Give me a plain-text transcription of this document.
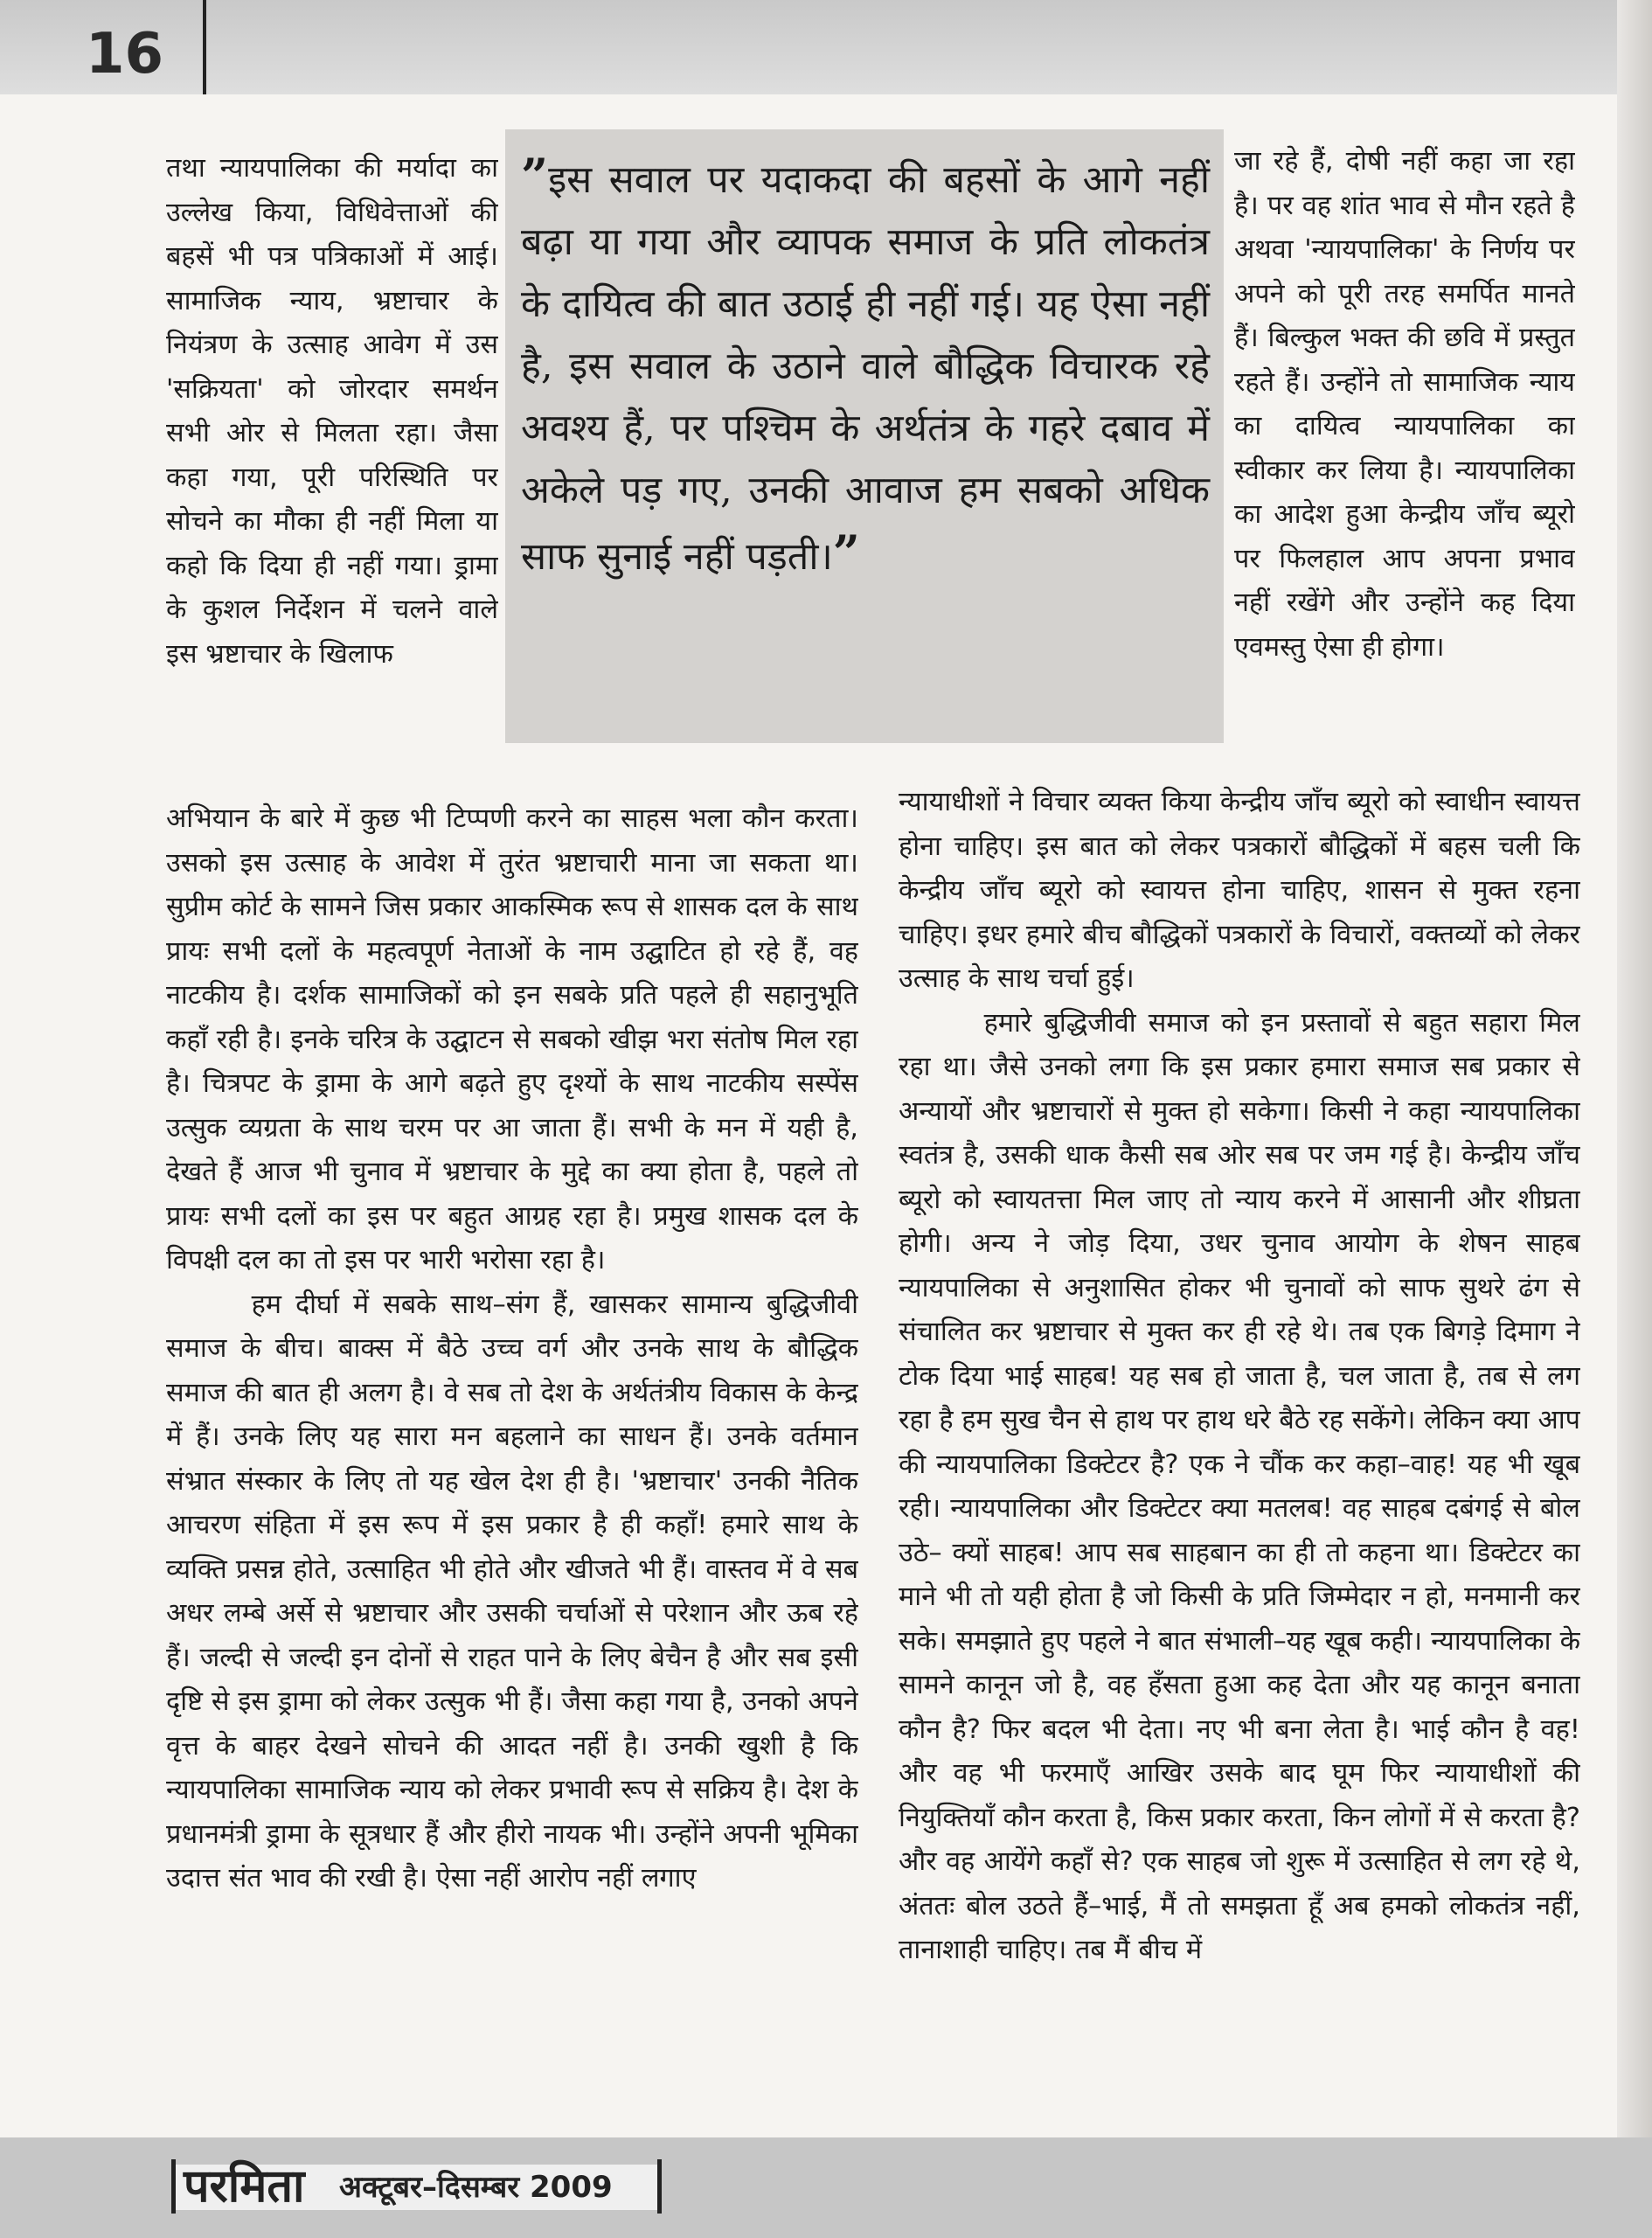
16

तथा न्यायपालिका की मर्यादा का उल्लेख किया, विधिवेत्ताओं की बहसें भी पत्र पत्रिकाओं में आई। सामाजिक न्याय, भ्रष्टाचार के नियंत्रण के उत्साह आवेग में उस 'सक्रियता' को जोरदार समर्थन सभी ओर से मिलता रहा। जैसा कहा गया, पूरी परिस्थिति पर सोचने का मौका ही नहीं मिला या कहो कि दिया ही नहीं गया। ड्रामा के कुशल निर्देशन में चलने वाले इस भ्रष्टाचार के खिलाफ

”इस सवाल पर यदाकदा की बहसों के आगे नहीं बढ़ा या गया और व्यापक समाज के प्रति लोकतंत्र के दायित्व की बात उठाई ही नहीं गई। यह ऐसा नहीं है, इस सवाल के उठाने वाले बौद्धिक विचारक रहे अवश्य हैं, पर पश्चिम के अर्थतंत्र के गहरे दबाव में अकेले पड़ गए, उनकी आवाज हम सबको अधिक साफ सुनाई नहीं पड़ती।”

जा रहे हैं, दोषी नहीं कहा जा रहा है। पर वह शांत भाव से मौन रहते है अथवा 'न्यायपालिका' के निर्णय पर अपने को पूरी तरह समर्पित मानते हैं। बिल्कुल भक्त की छवि में प्रस्तुत रहते हैं। उन्होंने तो सामाजिक न्याय का दायित्व न्यायपालिका का स्वीकार कर लिया है। न्यायपालिका का आदेश हुआ केन्द्रीय जाँच ब्यूरो पर फिलहाल आप अपना प्रभाव नहीं रखेंगे और उन्होंने कह दिया एवमस्तु ऐसा ही होगा।

अभियान के बारे में कुछ भी टिप्पणी करने का साहस भला कौन करता। उसको इस उत्साह के आवेश में तुरंत भ्रष्टाचारी माना जा सकता था। सुप्रीम कोर्ट के सामने जिस प्रकार आकस्मिक रूप से शासक दल के साथ प्रायः सभी दलों के महत्वपूर्ण नेताओं के नाम उद्घाटित हो रहे हैं, वह नाटकीय है। दर्शक सामाजिकों को इन सबके प्रति पहले ही सहानुभूति कहाँ रही है। इनके चरित्र के उद्घाटन से सबको खीझ भरा संतोष मिल रहा है। चित्रपट के ड्रामा के आगे बढ़ते हुए दृश्यों के साथ नाटकीय सस्पेंस उत्सुक व्यग्रता के साथ चरम पर आ जाता हैं। सभी के मन में यही है, देखते हैं आज भी चुनाव में भ्रष्टाचार के मुद्दे का क्या होता है, पहले तो प्रायः सभी दलों का इस पर बहुत आग्रह रहा है। प्रमुख शासक दल के विपक्षी दल का तो इस पर भारी भरोसा रहा है।

हम दीर्घा में सबके साथ–संग हैं, खासकर सामान्य बुद्धिजीवी समाज के बीच। बाक्स में बैठे उच्च वर्ग और उनके साथ के बौद्धिक समाज की बात ही अलग है। वे सब तो देश के अर्थतंत्रीय विकास के केन्द्र में हैं। उनके लिए यह सारा मन बहलाने का साधन हैं। उनके वर्तमान संभ्रात संस्कार के लिए तो यह खेल देश ही है। 'भ्रष्टाचार' उनकी नैतिक आचरण संहिता में इस रूप में इस प्रकार है ही कहाँ! हमारे साथ के व्यक्ति प्रसन्न होते, उत्साहित भी होते और खीजते भी हैं। वास्तव में वे सब अधर लम्बे अर्से से भ्रष्टाचार और उसकी चर्चाओं से परेशान और ऊब रहे हैं। जल्दी से जल्दी इन दोनों से राहत पाने के लिए बेचैन है और सब इसी दृष्टि से इस ड्रामा को लेकर उत्सुक भी हैं। जैसा कहा गया है, उनको अपने वृत्त के बाहर देखने सोचने की आदत नहीं है। उनकी खुशी है कि न्यायपालिका सामाजिक न्याय को लेकर प्रभावी रूप से सक्रिय है। देश के प्रधानमंत्री ड्रामा के सूत्रधार हैं और हीरो नायक भी। उन्होंने अपनी भूमिका उदात्त संत भाव की रखी है। ऐसा नहीं आरोप नहीं लगाए

न्यायाधीशों ने विचार व्यक्त किया केन्द्रीय जाँच ब्यूरो को स्वाधीन स्वायत्त होना चाहिए। इस बात को लेकर पत्रकारों बौद्धिकों में बहस चली कि केन्द्रीय जाँच ब्यूरो को स्वायत्त होना चाहिए, शासन से मुक्त रहना चाहिए। इधर हमारे बीच बौद्धिकों पत्रकारों के विचारों, वक्तव्यों को लेकर उत्साह के साथ चर्चा हुई।

हमारे बुद्धिजीवी समाज को इन प्रस्तावों से बहुत सहारा मिल रहा था। जैसे उनको लगा कि इस प्रकार हमारा समाज सब प्रकार से अन्यायों और भ्रष्टाचारों से मुक्त हो सकेगा। किसी ने कहा न्यायपालिका स्वतंत्र है, उसकी धाक कैसी सब ओर सब पर जम गई है। केन्द्रीय जाँच ब्यूरो को स्वायतत्ता मिल जाए तो न्याय करने में आसानी और शीघ्रता होगी। अन्य ने जोड़ दिया, उधर चुनाव आयोग के शेषन साहब न्यायपालिका से अनुशासित होकर भी चुनावों को साफ सुथरे ढंग से संचालित कर भ्रष्टाचार से मुक्त कर ही रहे थे। तब एक बिगड़े दिमाग ने टोक दिया भाई साहब! यह सब हो जाता है, चल जाता है, तब से लग रहा है हम सुख चैन से हाथ पर हाथ धरे बैठे रह सकेंगे। लेकिन क्या आप की न्यायपालिका डिक्टेटर है? एक ने चौंक कर कहा–वाह! यह भी खूब रही। न्यायपालिका और डिक्टेटर क्या मतलब! वह साहब दबंगई से बोल उठे– क्यों साहब! आप सब साहबान का ही तो कहना था। डिक्टेटर का माने भी तो यही होता है जो किसी के प्रति जिम्मेदार न हो, मनमानी कर सके। समझाते हुए पहले ने बात संभाली–यह खूब कही। न्यायपालिका के सामने कानून जो है, वह हँसता हुआ कह देता और यह कानून बनाता कौन है? फिर बदल भी देता। नए भी बना लेता है। भाई कौन है वह! और वह भी फरमाएँ आखिर उसके बाद घूम फिर न्यायाधीशों की नियुक्तियाँ कौन करता है, किस प्रकार करता, किन लोगों में से करता है? और वह आयेंगे कहाँ से? एक साहब जो शुरू में उत्साहित से लग रहे थे, अंततः बोल उठते हैं–भाई, मैं तो समझता हूँ अब हमको लोकतंत्र नहीं, तानाशाही चाहिए। तब मैं बीच में

परमिता अक्टूबर–दिसम्बर 2009
